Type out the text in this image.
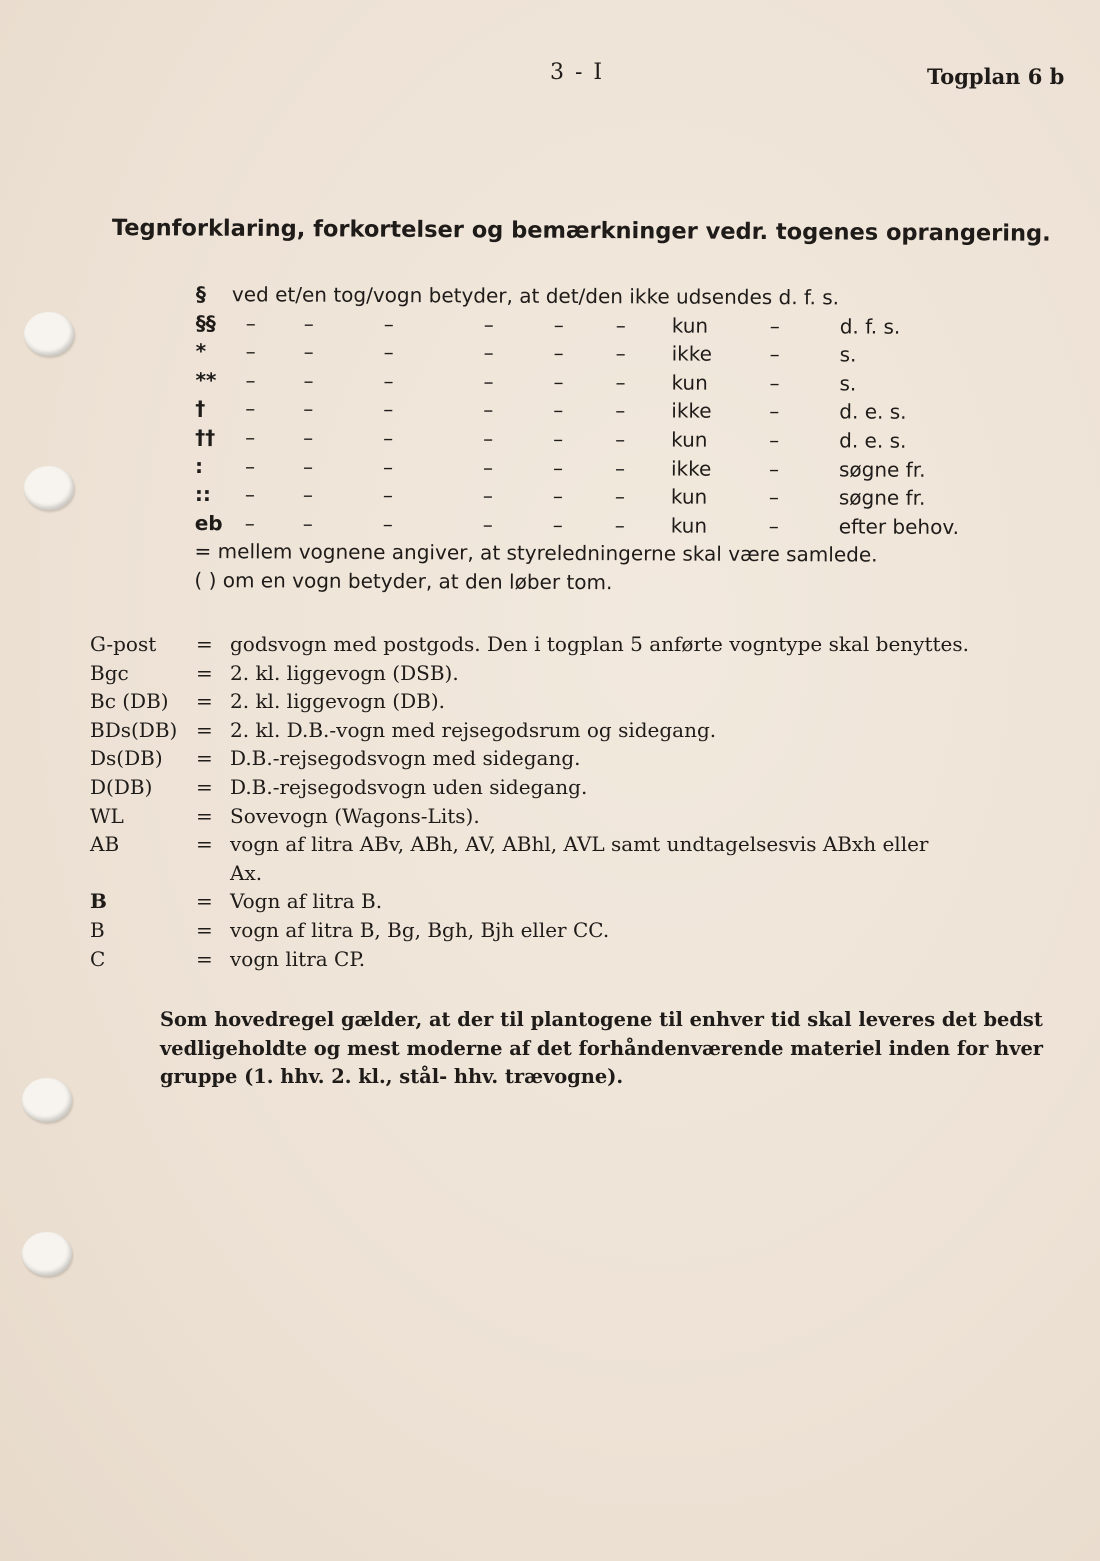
3 - I	Togplan 6 b
Tegnforklaring, forkortelser og bemærkninger vedr. togenes oprangering.
§ ved et/en tog/vogn betyder, at det/den ikke udsendes d. f. s.
§§ – –	–	–	–	– kun	–	d. f. s.
* – –	–	–	–	– ikke	–	s.
** – –	–	–	–	– kun	–	s.
† – –	–	–	–	– ikke	–	d. e. s.
†† – –	–	–	–	– kun	–	d. e. s.
: – –	–	–	–	– ikke	–	søgne fr.
:: – –	–	–	–	– kun	–	søgne fr.
eb – –	–	–	–	– kun	–	efter behov.
= mellem vognene angiver, at styreledningerne skal være samlede.
( ) om en vogn betyder, at den løber tom.
G-post = godsvogn med postgods. Den i togplan 5 anførte vogntype skal benyttes.
Bgc	= 2. kl. liggevogn (DSB).
Bc (DB) = 2. kl. liggevogn (DB).
BDs(DB) = 2. kl. D.B.-vogn med rejsegodsrum og sidegang.
Ds(DB) = D.B.-rejsegodsvogn med sidegang.
D(DB) = D.B.-rejsegodsvogn uden sidegang.
WL	= Sovevogn (Wagons-Lits).
AB	= vogn af litra ABv, ABh, AV, ABhl, AVL samt undtagelsesvis ABxh eller
Ax.
B	= Vogn af litra B.
B	= vogn af litra B, Bg, Bgh, Bjh eller CC.
C	= vogn litra CP.
Som hovedregel gælder, at der til plantogene til enhver tid skal leveres det bedst
vedligeholdte og mest moderne af det forhåndenværende materiel inden for hver
gruppe (1. hhv. 2. kl., stål- hhv. trævogne).
